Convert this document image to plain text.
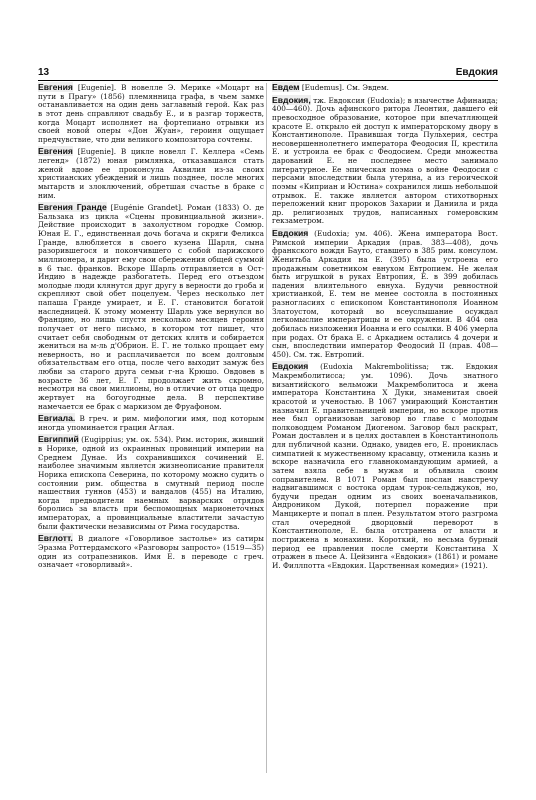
13	Евдокия

Евгения [Eugenie]. В новелле Э. Мерике «Моцарт на пути в Прагу» (1856) племянница графа, в чьем замке останавливается на один день заглавный герой. Как раз в этот день справляют свадьбу Е., и в разгар торжеств, когда Моцарт исполняет на фортепиано отрывки из своей новой оперы «Дон Жуан», героиня ощущает предчувствие, что дни великого композитора сочтены.

Евгения [Eugenie]. В цикле новелл Г. Келлера «Семь легенд» (1872) юная римлянка, отказавшаяся стать женой вдове ее проконсула Аквилия из-за своих христианских убеждений и лишь позднее, после многих мытарств и злоключений, обретшая счастье в браке с ним.

Евгения Гранде [Eugénie Grandet]. Роман (1833) О. де Бальзака из цикла «Сцены провинциальной жизни». Действие происходит в захолустном городке Сомюр. Юная Е. Г., единственная дочь богача и скряги Феликса Гранде, влюбляется в своего кузена Шарля, сына разорившегося и покончившего с собой парижского миллионера, и дарит ему свои сбережения общей суммой в 6 тыс. франков. Вскоре Шарль отправляется в Ост-Индию в надежде разбогатеть. Перед его отъездом молодые люди клянутся друг другу в верности до гроба и скрепляют свой обет поцелуем. Через несколько лет папаша Гранде умирает, и Е. Г. становится богатой наследницей. К этому моменту Шарль уже вернулся во Францию, но лишь спустя несколько месяцев героиня получает от него письмо, в котором тот пишет, что считает себя свободным от детских клятв и собирается жениться на м-ль д'Обрион. Е. Г. не только прощает ему неверность, но и расплачивается по всем долговым обязательствам его отца, после чего выходит замуж без любви за старого друга семьи г-на Крюшо. Овдовев в возрасте 36 лет, Е. Г. продолжает жить скромно, несмотря на свои миллионы, но в отличие от отца щедро жертвует на богоугодные дела. В перспективе намечается ее брак с маркизом де Фруафоном.

Евгиала. В греч. и рим. мифологии имя, под которым иногда упоминается грация Аглая.

Евгиппий (Eugippius; ум. ок. 534). Рим. историк, живший в Норике, одной из окраинных провинций империи на Среднем Дунае. Из сохранившихся сочинений Е. наиболее значимым является жизнеописание правителя Норика епископа Северина, по которому можно судить о состоянии рим. общества в смутный период после нашествия гуннов (453) и вандалов (455) на Италию, когда предводители наемных варварских отрядов боролись за власть при беспомощных марионеточных императорах, а провинциальные властители зачастую были фактически независимы от Рима государства.

Евглотт. В диалоге «Говорливое застолье» из сатиры Эразма Роттердамского «Разговоры запросто» (1519—35) один из сотрапезников. Имя Е. в переводе с греч. означает «говорливый».

Евдем [Eudemus]. См. Эвдем.

Евдокия, тж. Евдоксия (Eudoxia); в язычестве Афинаида; 400—460). Дочь афинского ритора Леонтия, давшего ей превосходное образование, которое при впечатляющей красоте Е. открыло ей доступ к императорскому двору в Константинополе. Правившая тогда Пульхерия, сестра несовершеннолетнего императора Феодосия II, крестила Е. и устроила ее брак с Феодосием. Среди множества дарований Е. не последнее место занимало литературное. Ее эпическая поэма о войне Феодосия с персами впоследствии была утеряна, а из героической поэмы «Киприан и Юстина» сохранился лишь небольшой отрывок. Е. также является автором стихотворных переложений книг пророков Захарии и Даниила и ряда др. религиозных трудов, написанных гомеровским гекзаметром.

Евдокия (Eudoxia; ум. 406). Жена императора Вост. Римской империи Аркадия (прав. 383—408), дочь франкского вождя Бауто, ставшего в 385 рим. консулом. Женитьба Аркадия на Е. (395) была устроена его продажным советником евнухом Евтропием. Не желая быть игрушкой в руках Евтропия, Е. в 399 добилась падения влиятельного евнуха. Будучи ревностной христианкой, Е. тем не менее состояла в постоянных разногласиях с епископом Константинополя Иоанном Златоустом, который во всеуслышание осуждал легкомыслие императрицы и ее окружения. В 404 она добилась низложения Иоанна и его ссылки. В 406 умерла при родах. От брака Е. с Аркадием остались 4 дочери и сын, впоследствии император Феодосий II (прав. 408—450). См. тж. Евтропий.

Евдокия (Eudoxia Makrembolitissa; тж. Евдокия Макремболитисса; ум. 1096). Дочь знатного византийского вельможи Макремболитоса и жена императора Константина X Дуки, знаменитая своей красотой и ученостью. В 1067 умирающий Константин назначил Е. правительницей империи, но вскоре против нее был организован заговор во главе с молодым полководцем Романом Диогеном. Заговор был раскрыт, Роман доставлен и в целях доставлен в Константинополь для публичной казни. Однако, увидев его, Е. прониклась симпатией к мужественному красавцу, отменила казнь и вскоре назначила его главнокомандующим армией, а затем взяла себе в мужья и объявила своим соправителем. В 1071 Роман был послан навстречу надвигавшимся с востока ордам турок-сельджуков, но, будучи предан одним из своих военачальников, Андроником Дукой, потерпел поражение при Манцикерте и попал в плен. Результатом этого разгрома стал очередной дворцовый переворот в Константинополе, Е. была отстранена от власти и пострижена в монахини. Короткий, но весьма бурный период ее правления после смерти Константина X отражен в пьесе А. Цейзинга «Евдокия» (1861) и романе И. Филлпотта «Евдокия. Царственная комедия» (1921).
